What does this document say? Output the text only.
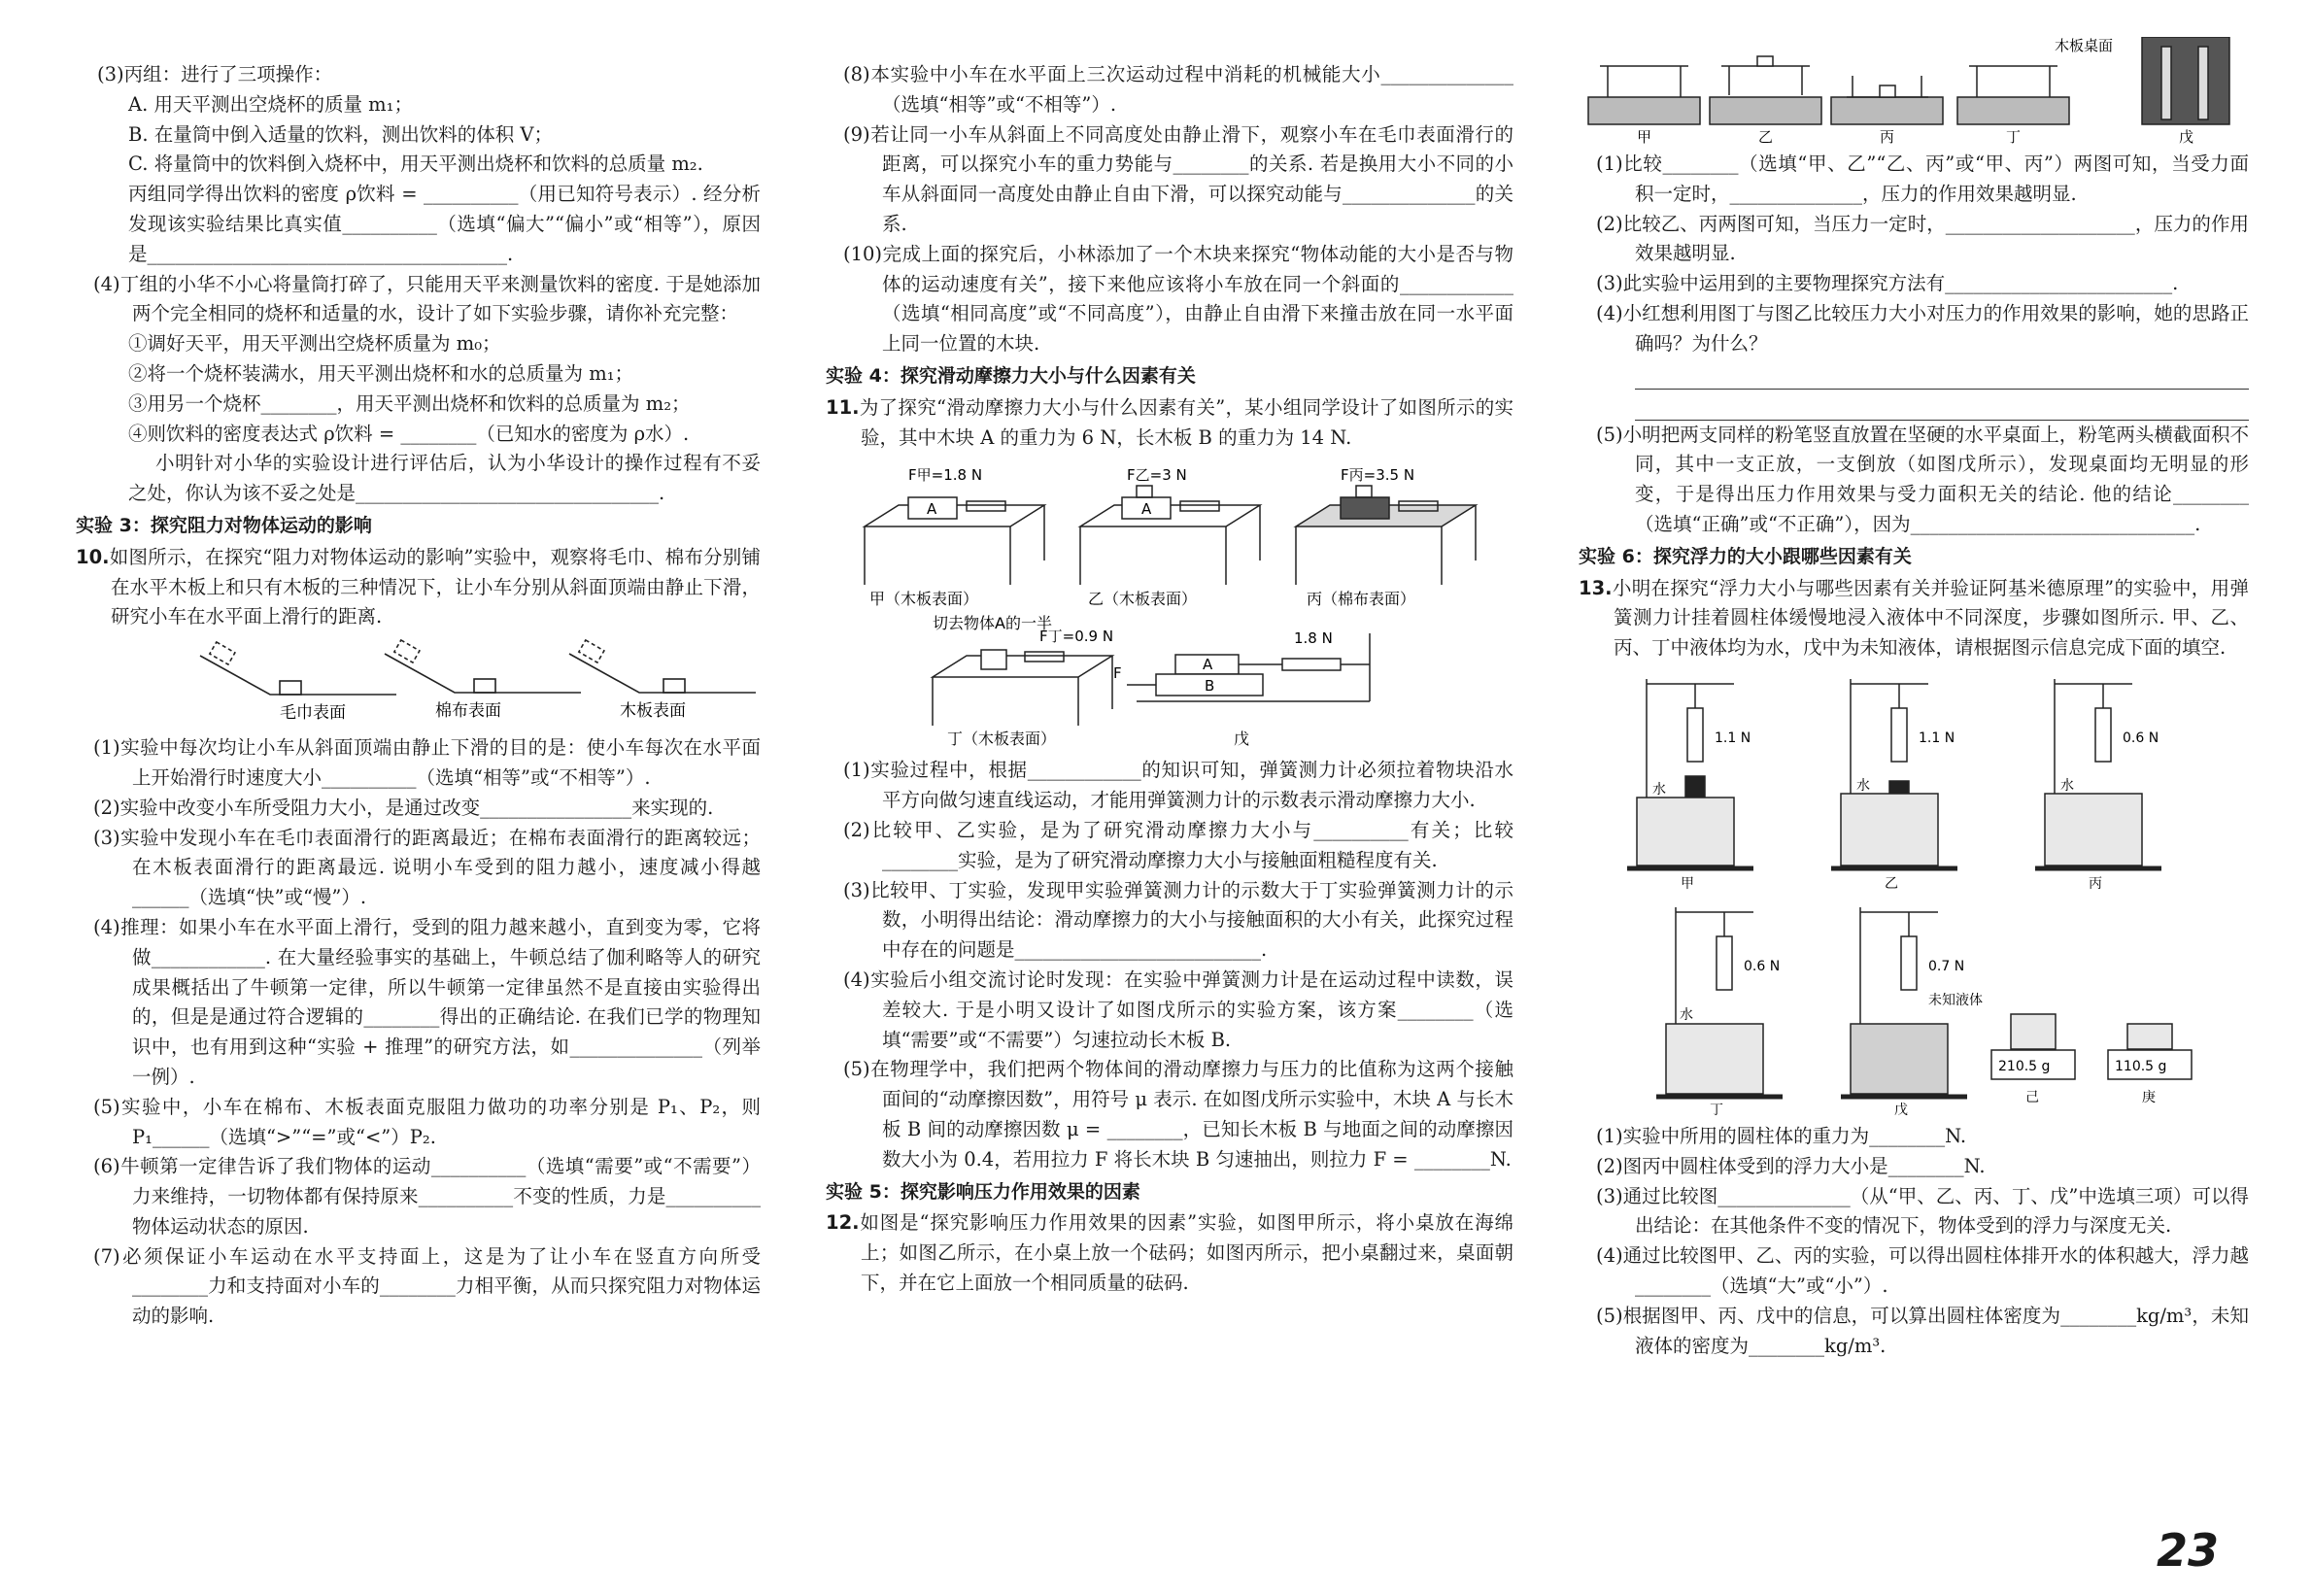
(3)丙组：进行了三项操作：

A. 用天平测出空烧杯的质量 m₁；

B. 在量筒中倒入适量的饮料，测出饮料的体积 V；

C. 将量筒中的饮料倒入烧杯中，用天平测出烧杯和饮料的总质量 m₂.

丙组同学得出饮料的密度 ρ饮料 = __________（用已知符号表示）. 经分析发现该实验结果比真实值__________（选填“偏大”“偏小”或“相等”），原因是______________________________________.

(4)丁组的小华不小心将量筒打碎了，只能用天平来测量饮料的密度. 于是她添加两个完全相同的烧杯和适量的水，设计了如下实验步骤，请你补充完整：

①调好天平，用天平测出空烧杯质量为 m₀；

②将一个烧杯装满水，用天平测出烧杯和水的总质量为 m₁；

③用另一个烧杯________，用天平测出烧杯和饮料的总质量为 m₂；

④则饮料的密度表达式 ρ饮料 = ________（已知水的密度为 ρ水）.

小明针对小华的实验设计进行评估后，认为小华设计的操作过程有不妥之处，你认为该不妥之处是________________________________.

实验 3：探究阻力对物体运动的影响

10.如图所示，在探究“阻力对物体运动的影响”实验中，观察将毛巾、棉布分别铺在水平木板上和只有木板的三种情况下，让小车分别从斜面顶端由静止下滑，研究小车在水平面上滑行的距离.

毛巾表面	棉布表面	木板表面

(1)实验中每次均让小车从斜面顶端由静止下滑的目的是：使小车每次在水平面上开始滑行时速度大小__________（选填“相等”或“不相等”）.

(2)实验中改变小车所受阻力大小，是通过改变________________来实现的.

(3)实验中发现小车在毛巾表面滑行的距离最近；在棉布表面滑行的距离较远；在木板表面滑行的距离最远. 说明小车受到的阻力越小，速度减小得越______（选填“快”或“慢”）.

(4)推理：如果小车在水平面上滑行，受到的阻力越来越小，直到变为零，它将做____________. 在大量经验事实的基础上，牛顿总结了伽利略等人的研究成果概括出了牛顿第一定律，所以牛顿第一定律虽然不是直接由实验得出的，但是是通过符合逻辑的________得出的正确结论. 在我们已学的物理知识中，也有用到这种“实验 + 推理”的研究方法，如______________（列举一例）.

(5)实验中，小车在棉布、木板表面克服阻力做功的功率分别是 P₁、P₂，则 P₁______（选填“>”“=”或“<”）P₂.

(6)牛顿第一定律告诉了我们物体的运动__________（选填“需要”或“不需要”）力来维持，一切物体都有保持原来__________不变的性质，力是__________物体运动状态的原因.

(7)必须保证小车运动在水平支持面上，这是为了让小车在竖直方向所受________力和支持面对小车的________力相平衡，从而只探究阻力对物体运动的影响.

(8)本实验中小车在水平面上三次运动过程中消耗的机械能大小______________（选填“相等”或“不相等”）.

(9)若让同一小车从斜面上不同高度处由静止滑下，观察小车在毛巾表面滑行的距离，可以探究小车的重力势能与________的关系. 若是换用大小不同的小车从斜面同一高度处由静止自由下滑，可以探究动能与______________的关系.

(10)完成上面的探究后，小林添加了一个木块来探究“物体动能的大小是否与物体的运动速度有关”，接下来他应该将小车放在同一个斜面的____________（选填“相同高度”或“不同高度”），由静止自由滑下来撞击放在同一水平面上同一位置的木块.

实验 4：探究滑动摩擦力大小与什么因素有关

11.为了探究“滑动摩擦力大小与什么因素有关”，某小组同学设计了如图所示的实验，其中木块 A 的重力为 6 N，长木板 B 的重力为 14 N.

F甲=1.8 N	F乙=3 N	F丙=3.5 N
F丁=0.9 N	1.8 N
切去物体A的一半
A	A
A
B
F
甲（木板表面）	乙（木板表面）	丙（棉布表面）
丁（木板表面）	戊

(1)实验过程中，根据____________的知识可知，弹簧测力计必须拉着物块沿水平方向做匀速直线运动，才能用弹簧测力计的示数表示滑动摩擦力大小.

(2)比较甲、乙实验，是为了研究滑动摩擦力大小与__________有关；比较________实验，是为了研究滑动摩擦力大小与接触面粗糙程度有关.

(3)比较甲、丁实验，发现甲实验弹簧测力计的示数大于丁实验弹簧测力计的示数，小明得出结论：滑动摩擦力的大小与接触面积的大小有关，此探究过程中存在的问题是__________________________.

(4)实验后小组交流讨论时发现：在实验中弹簧测力计是在运动过程中读数，误差较大. 于是小明又设计了如图戊所示的实验方案，该方案________（选填“需要”或“不需要”）匀速拉动长木板 B.

(5)在物理学中，我们把两个物体间的滑动摩擦力与压力的比值称为这两个接触面间的“动摩擦因数”，用符号 μ 表示. 在如图戊所示实验中，木块 A 与长木板 B 间的动摩擦因数 μ = ________，已知长木板 B 与地面之间的动摩擦因数大小为 0.4，若用拉力 F 将长木块 B 匀速抽出，则拉力 F = ________N.

实验 5：探究影响压力作用效果的因素

12.如图是“探究影响压力作用效果的因素”实验，如图甲所示，将小桌放在海绵上；如图乙所示，在小桌上放一个砝码；如图丙所示，把小桌翻过来，桌面朝下，并在它上面放一个相同质量的砝码.

木板桌面
甲	乙	丙	丁	戊

(1)比较________（选填“甲、乙”“乙、丙”或“甲、丙”）两图可知，当受力面积一定时，______________，压力的作用效果越明显.

(2)比较乙、丙两图可知，当压力一定时，____________________，压力的作用效果越明显.

(3)此实验中运用到的主要物理探究方法有________________________.

(4)小红想利用图丁与图乙比较压力大小对压力的作用效果的影响，她的思路正确吗？为什么？

(5)小明把两支同样的粉笔竖直放置在坚硬的水平桌面上，粉笔两头横截面积不同，其中一支正放，一支倒放（如图戊所示），发现桌面均无明显的形变，于是得出压力作用效果与受力面积无关的结论. 他的结论________（选填“正确”或“不正确”），因为______________________________.

实验 6：探究浮力的大小跟哪些因素有关

13.小明在探究“浮力大小与哪些因素有关并验证阿基米德原理”的实验中，用弹簧测力计挂着圆柱体缓慢地浸入液体中不同深度，步骤如图所示. 甲、乙、丙、丁中液体均为水，戊中为未知液体，请根据图示信息完成下面的填空.

1.1 N	1.1 N	0.6 N
0.6 N	0.7 N
水	水	水
水
未知液体
210.5 g	110.5 g
甲	乙	丙
丁	戊
己	庚

(1)实验中所用的圆柱体的重力为________N.

(2)图丙中圆柱体受到的浮力大小是________N.

(3)通过比较图______________（从“甲、乙、丙、丁、戊”中选填三项）可以得出结论：在其他条件不变的情况下，物体受到的浮力与深度无关.

(4)通过比较图甲、乙、丙的实验，可以得出圆柱体排开水的体积越大，浮力越________（选填“大”或“小”）.

(5)根据图甲、丙、戊中的信息，可以算出圆柱体密度为________kg/m³，未知液体的密度为________kg/m³.

23
